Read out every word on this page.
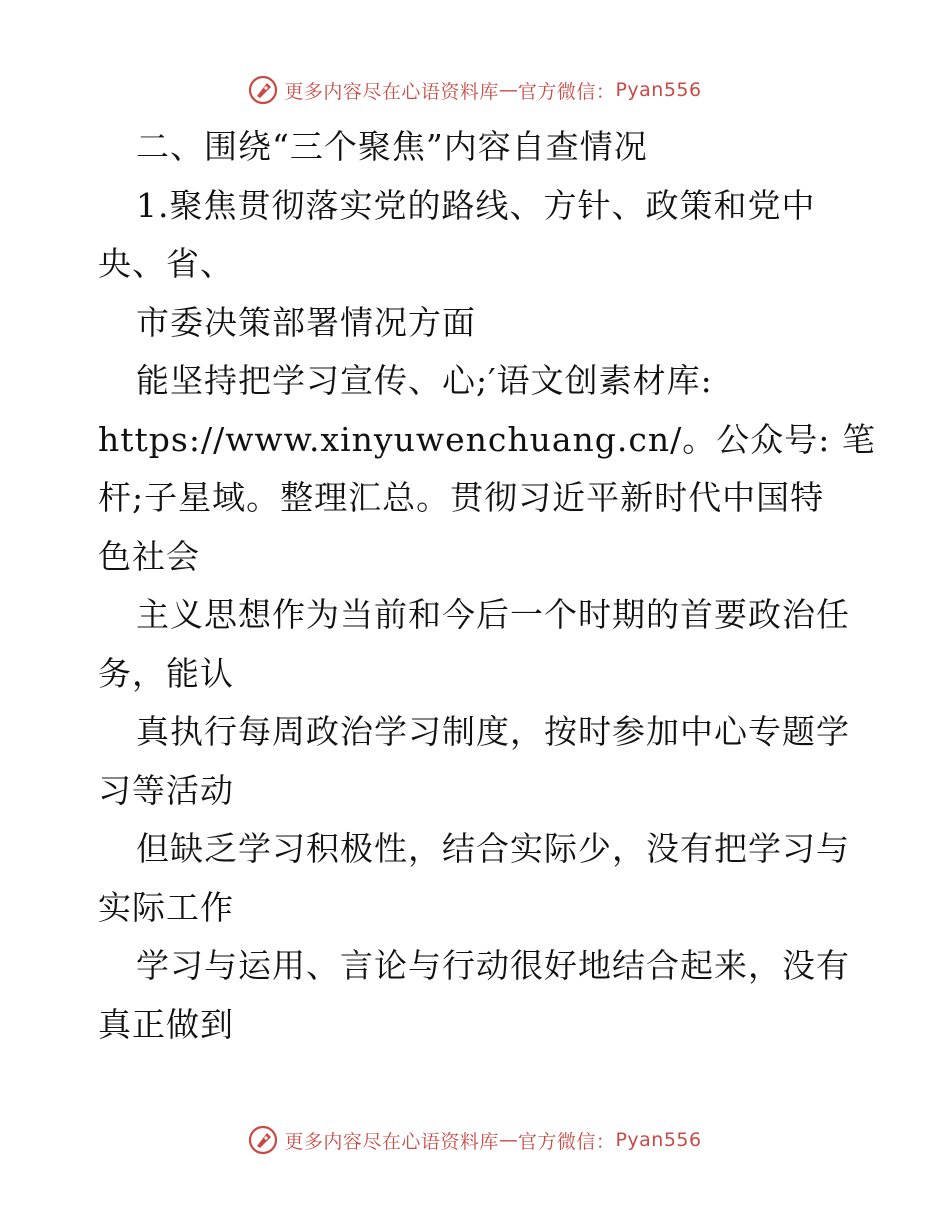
更多内容尽在心语资料库 — 官方微信： Pyan556
二、围绕“三个聚焦”内容自查情况
1.聚焦贯彻落实党的路线、方针、政策和党中
央、省、
市委决策部署情况方面
能坚持把学习宣传、心;′语文创素材库:
https://www.xinyuwenchuang.cn/。公众号: 笔
杆;子星域。整理汇总。贯彻习近平新时代中国特
色社会
主义思想作为当前和今后一个时期的首要政治任
务，能认
真执行每周政治学习制度，按时参加中心专题学
习等活动
但缺乏学习积极性，结合实际少，没有把学习与
实际工作
学习与运用、言论与行动很好地结合起来，没有
真正做到
更多内容尽在心语资料库 — 官方微信： Pyan556
